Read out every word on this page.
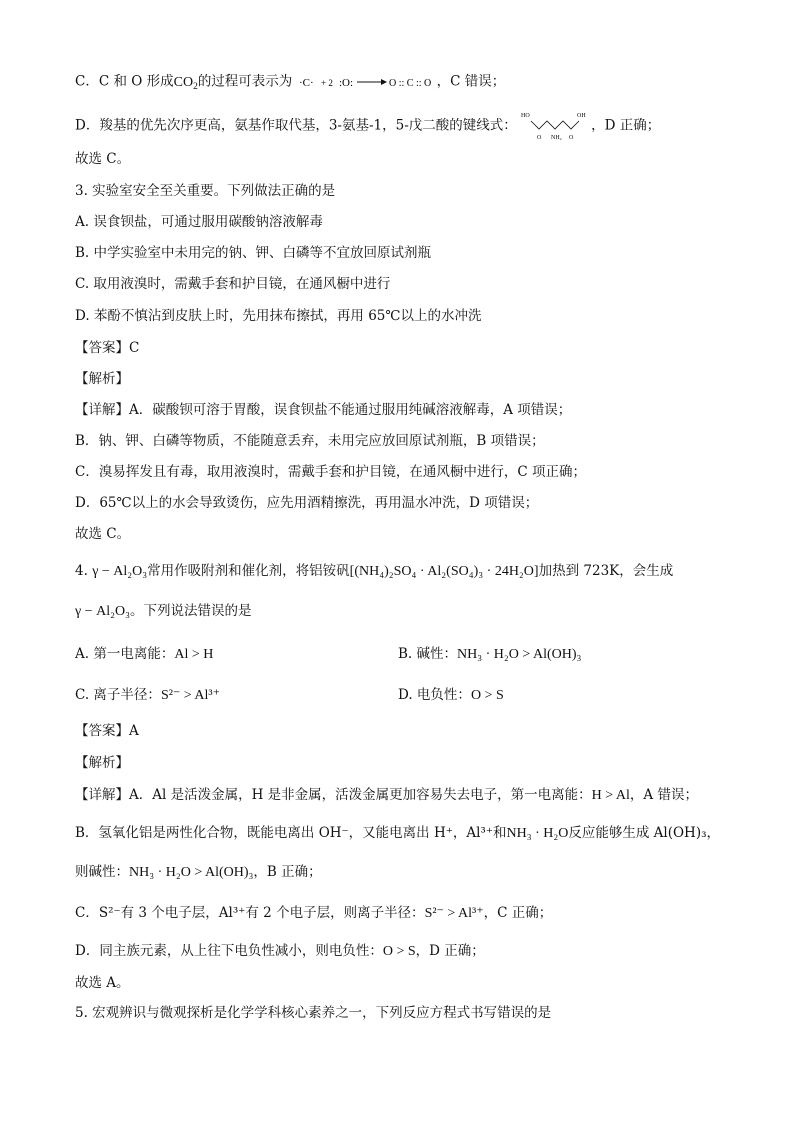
C．C 和 O 形成$CO_2$的过程可表示为 ·C· + 2 :O:	O :: C :: O ，C 错误；
D．羧基的优先次序更高，氨基作取代基，3-氨基-1，5-戊二酸的键线式：
HO	OH
O NH₂ O
，D 正确；
故选 C。
3. 实验室安全至关重要。下列做法正确的是
A. 误食钡盐，可通过服用碳酸钠溶液解毒
B. 中学实验室中未用完的钠、钾、白磷等不宜放回原试剂瓶
C. 取用液溴时，需戴手套和护目镜，在通风橱中进行
D. 苯酚不慎沾到皮肤上时，先用抹布擦拭，再用 65℃以上的水冲洗
【答案】C
【解析】
【详解】A．碳酸钡可溶于胃酸，误食钡盐不能通过服用纯碱溶液解毒，A 项错误；
B．钠、钾、白磷等物质，不能随意丢弃，未用完应放回原试剂瓶，B 项错误；
C．溴易挥发且有毒，取用液溴时，需戴手套和护目镜，在通风橱中进行，C 项正确；
D．65℃以上的水会导致烫伤，应先用酒精擦洗，再用温水冲洗，D 项错误；
故选 C。
4. γ − Al₂O₃常用作吸附剂和催化剂，将铝铵矾[(NH₄)₂SO₄ · Al₂(SO₄)₃ · 24H₂O]加热到 723K，会生成
γ − Al₂O₃。下列说法错误的是
A. 第一电离能：Al > H	B. 碱性：NH₃ · H₂O > Al(OH)₃
C. 离子半径：S²⁻ > Al³⁺	D. 电负性：O > S
【答案】A
【解析】
【详解】A．Al 是活泼金属，H 是非金属，活泼金属更加容易失去电子，第一电离能：H > Al，A 错误；
B．氢氧化铝是两性化合物，既能电离出 OH⁻，又能电离出 H⁺，Al³⁺和NH₃ · H₂O反应能够生成 Al(OH)₃，
则碱性：NH₃ · H₂O > Al(OH)₃，B 正确；
C．S²⁻有 3 个电子层，Al³⁺有 2 个电子层，则离子半径：S²⁻ > Al³⁺，C 正确；
D．同主族元素，从上往下电负性减小，则电负性：O > S，D 正确；
故选 A。
5. 宏观辨识与微观探析是化学学科核心素养之一，下列反应方程式书写错误的是
